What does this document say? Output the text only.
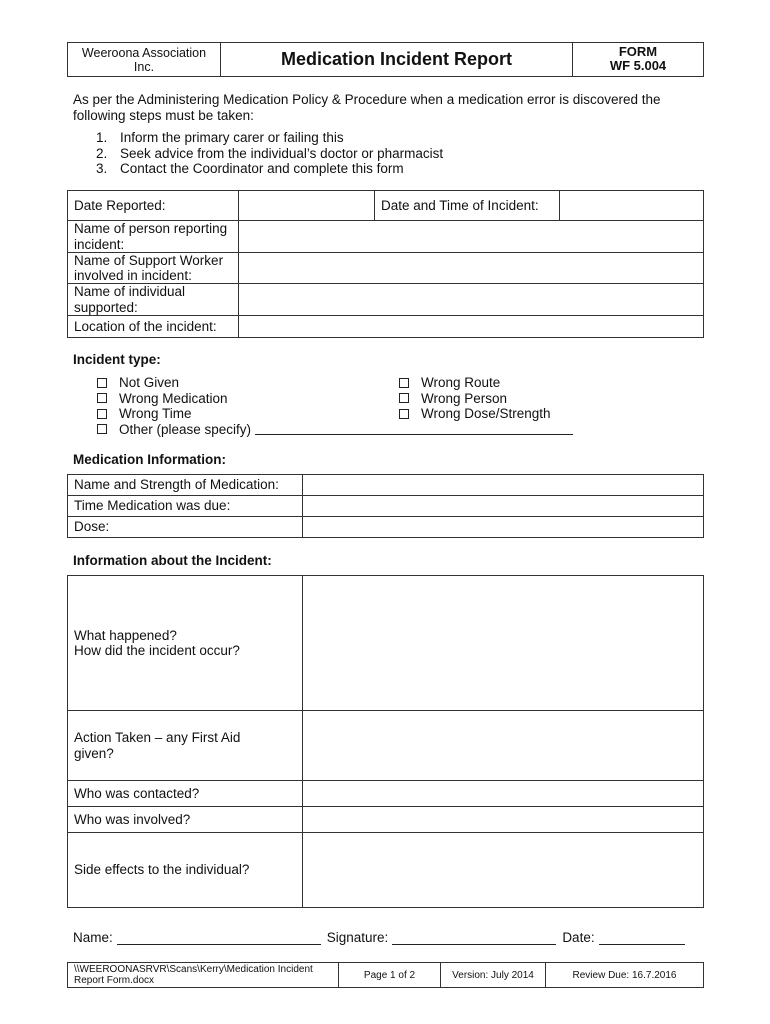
Weeroona Association
Inc.	Medication Incident Report	FORM
WF 5.004
As per the Administering Medication Policy & Procedure when a medication error is discovered the following steps must be taken:
1. Inform the primary carer or failing this
2. Seek advice from the individual’s doctor or pharmacist
3. Contact the Coordinator and complete this form
Date Reported:	Date and Time of Incident:
Name of person reporting incident:
Name of Support Worker involved in incident:
Name of individual supported:
Location of the incident:
Incident type:
Not Given
Wrong Medication
Wrong Time
Other (please specify)
Wrong Route
Wrong Person
Wrong Dose/Strength
Medication Information:
Name and Strength of Medication:
Time Medication was due:
Dose:
Information about the Incident:
What happened?
How did the incident occur?
Action Taken – any First Aid
given?
Who was contacted?
Who was involved?
Side effects to the individual?
Name:	Signature:	Date:
\\WEEROONASRVR\Scans\Kerry\Medication Incident
Report Form.docx	Page 1 of 2	Version: July 2014	Review Due: 16.7.2016
